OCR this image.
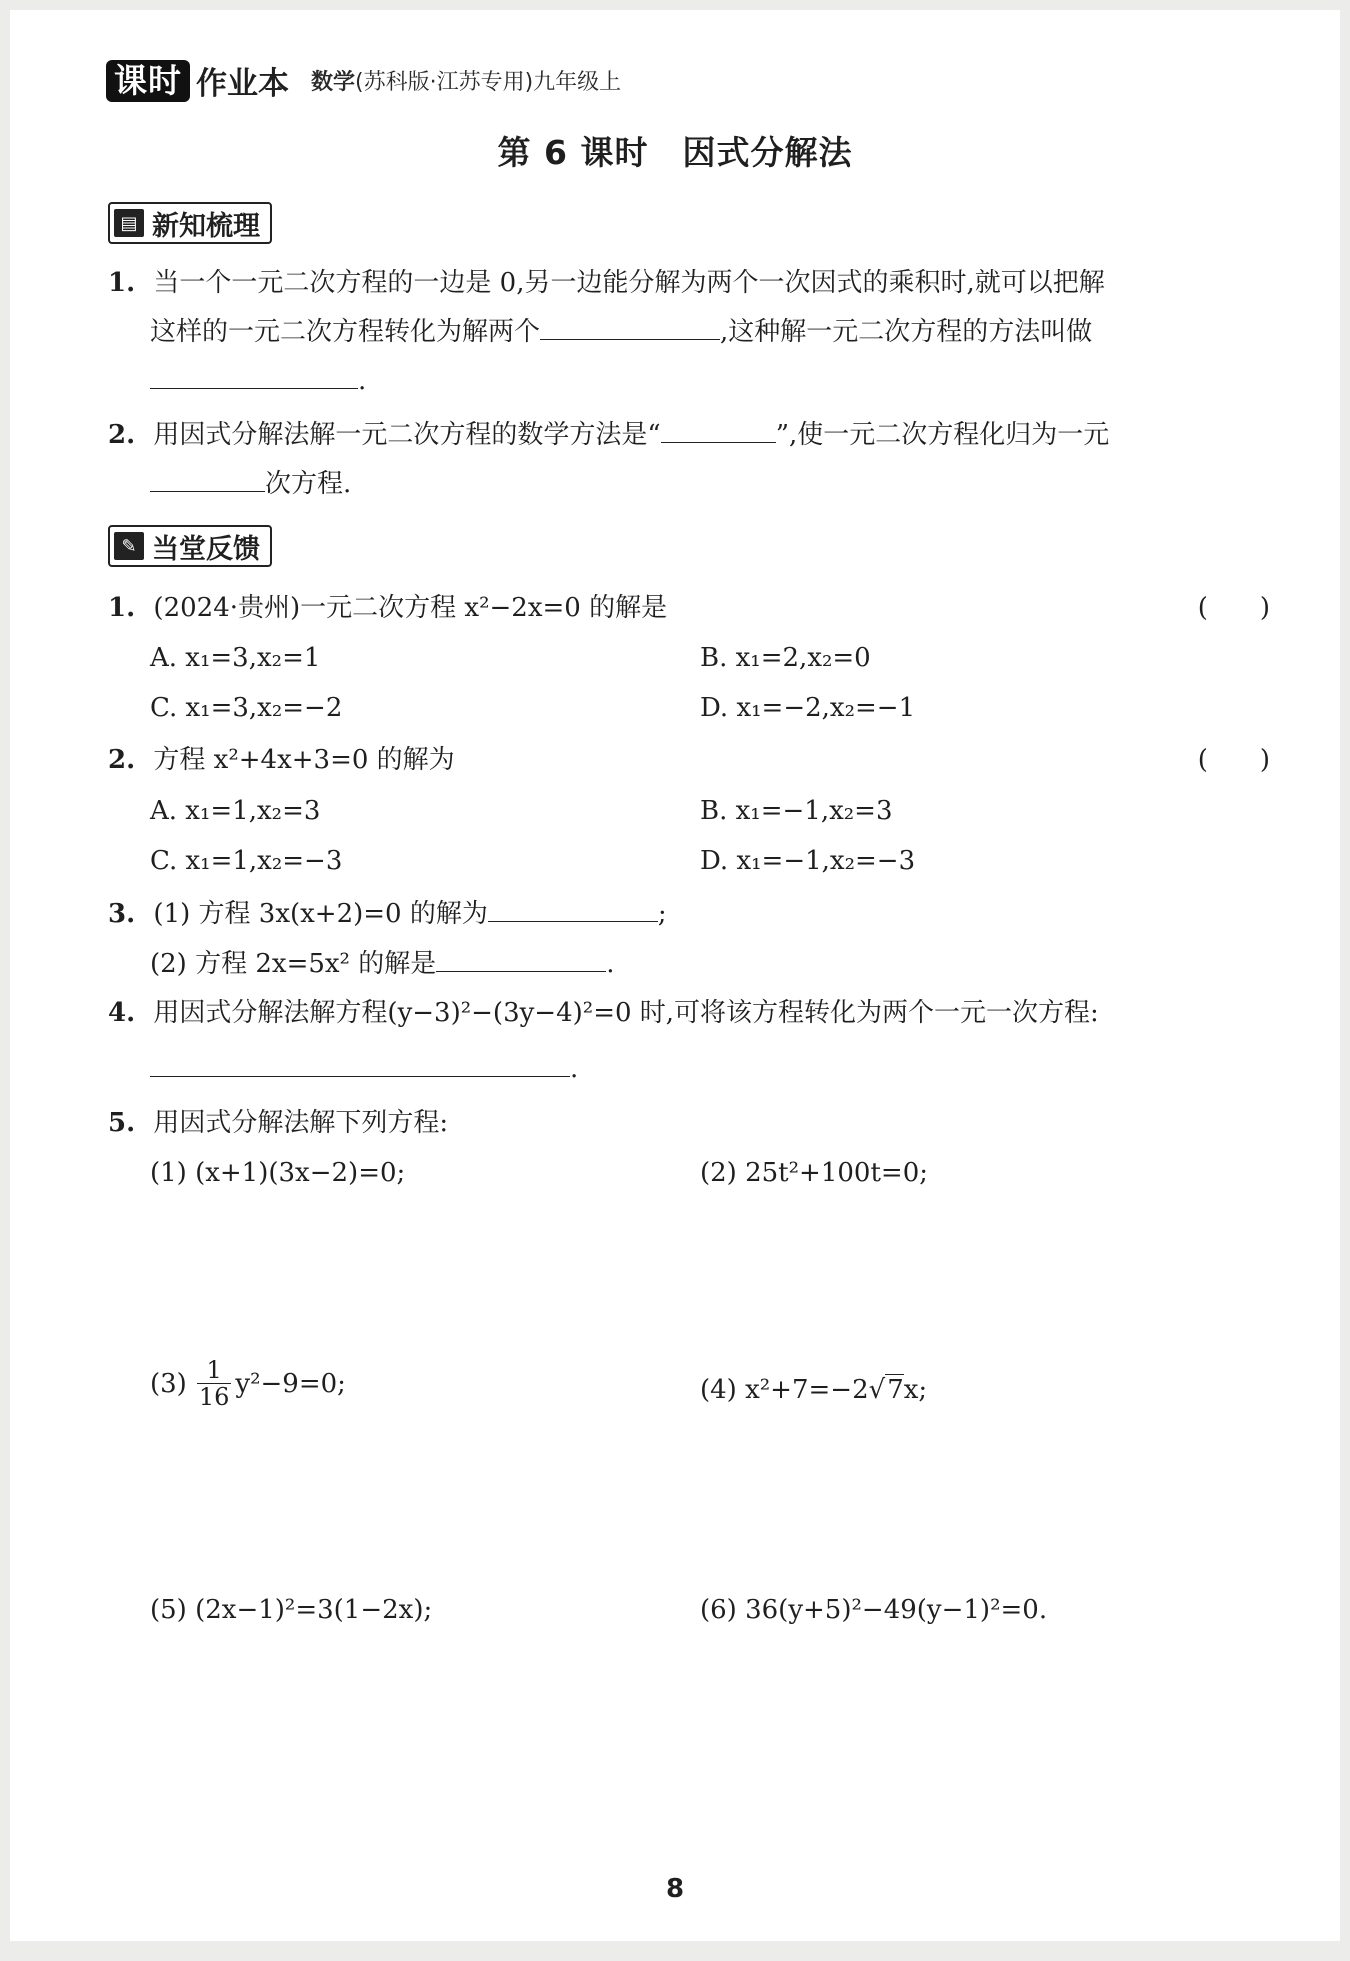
课时 作业本 数学(苏科版·江苏专用)九年级上
第 6 课时　因式分解法
▤ 新知梳理
1. 当一个一元二次方程的一边是 0,另一边能分解为两个一次因式的乘积时,就可以把解
这样的一元二次方程转化为解两个	,这种解一元二次方程的方法叫做
.
2. 用因式分解法解一元二次方程的数学方法是“	”,使一元二次方程化归为一元
次方程.
✎ 当堂反馈
1. (2024·贵州)一元二次方程 x²−2x=0 的解是	(　　)
A. x₁=3,x₂=1	B. x₁=2,x₂=0
C. x₁=3,x₂=−2	D. x₁=−2,x₂=−1
2. 方程 x²+4x+3=0 的解为	(　　)
A. x₁=1,x₂=3	B. x₁=−1,x₂=3
C. x₁=1,x₂=−3	D. x₁=−1,x₂=−3
3. (1) 方程 3x(x+2)=0 的解为	;
(2) 方程 2x=5x² 的解是	.
4. 用因式分解法解方程(y−3)²−(3y−4)²=0 时,可将该方程转化为两个一元一次方程:
.
5. 用因式分解法解下列方程:
(1) (x+1)(3x−2)=0;	(2) 25t²+100t=0;
$(3) \frac{1}{16} y^2-9=0$;	(4) x²+7=−2√7x;
(5) (2x−1)²=3(1−2x);	(6) 36(y+5)²−49(y−1)²=0.
8
